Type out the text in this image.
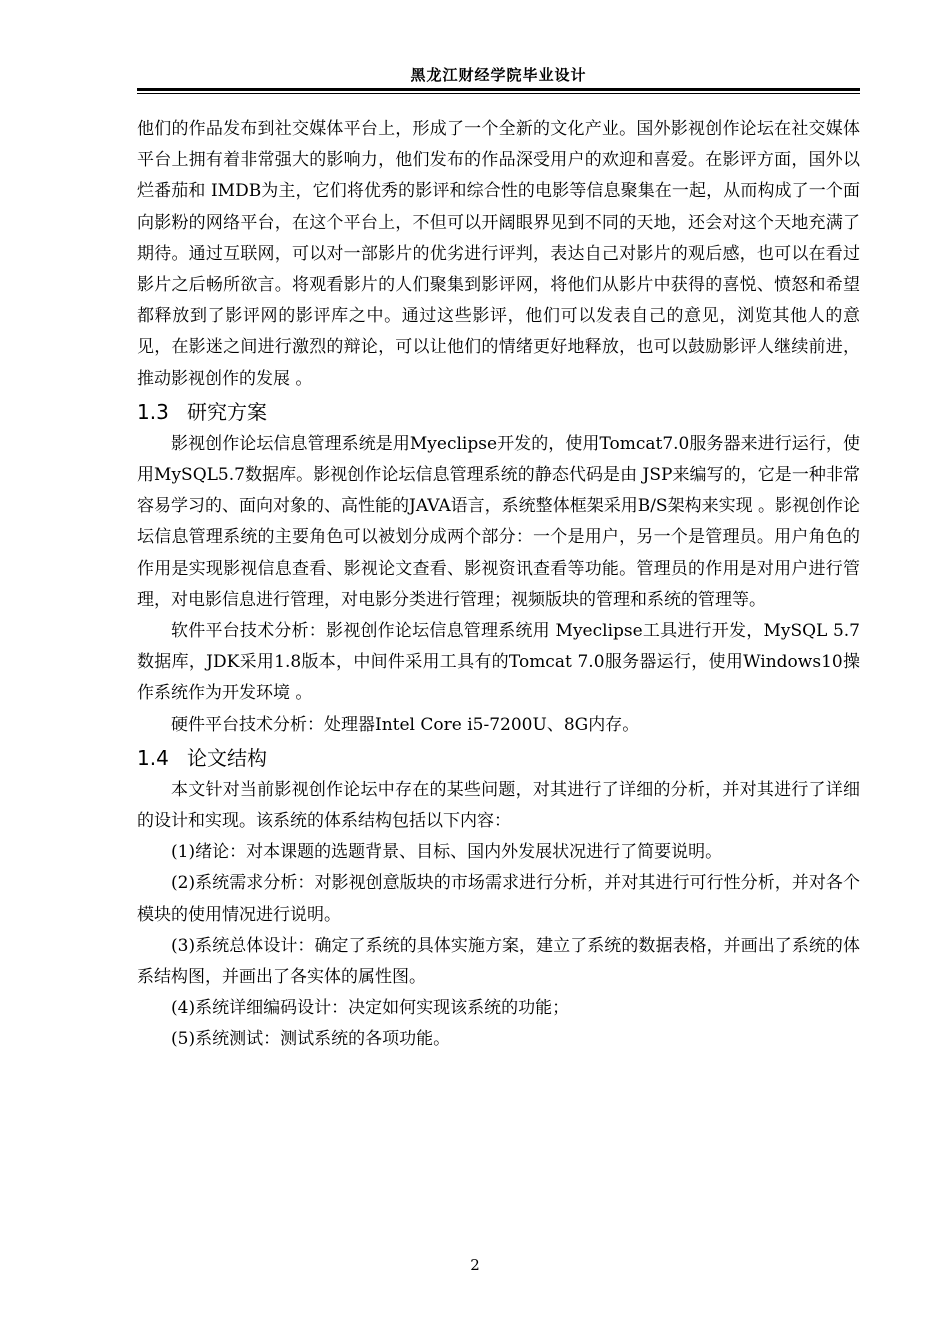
黑龙江财经学院毕业设计

他们的作品发布到社交媒体平台上，形成了一个全新的文化产业。国外影视创作论坛在社交媒体平台上拥有着非常强大的影响力，他们发布的作品深受用户的欢迎和喜爱。在影评方面，国外以烂番茄和 IMDB为主，它们将优秀的影评和综合性的电影等信息聚集在一起，从而构成了一个面向影粉的网络平台，在这个平台上，不但可以开阔眼界见到不同的天地，还会对这个天地充满了期待。通过互联网，可以对一部影片的优劣进行评判，表达自己对影片的观后感，也可以在看过影片之后畅所欲言。将观看影片的人们聚集到影评网，将他们从影片中获得的喜悦、愤怒和希望都释放到了影评网的影评库之中。通过这些影评，他们可以发表自己的意见，浏览其他人的意见，在影迷之间进行激烈的辩论，可以让他们的情绪更好地释放，也可以鼓励影评人继续前进，推动影视创作的发展 。

1.3 研究方案

影视创作论坛信息管理系统是用Myeclipse开发的，使用Tomcat7.0服务器来进行运行，使用MySQL5.7数据库。影视创作论坛信息管理系统的静态代码是由 JSP来编写的，它是一种非常容易学习的、面向对象的、高性能的JAVA语言，系统整体框架采用B/S架构来实现 。影视创作论坛信息管理系统的主要角色可以被划分成两个部分：一个是用户，另一个是管理员。用户角色的作用是实现影视信息查看、影视论文查看、影视资讯查看等功能。管理员的作用是对用户进行管理，对电影信息进行管理，对电影分类进行管理；视频版块的管理和系统的管理等。

软件平台技术分析：影视创作论坛信息管理系统用 Myeclipse工具进行开发，MySQL 5.7数据库，JDK采用1.8版本，中间件采用工具有的Tomcat 7.0服务器运行，使用Windows10操作系统作为开发环境 。

硬件平台技术分析：处理器Intel Core i5-7200U、8G内存。

1.4 论文结构

本文针对当前影视创作论坛中存在的某些问题，对其进行了详细的分析，并对其进行了详细的设计和实现。该系统的体系结构包括以下内容：

(1)绪论：对本课题的选题背景、目标、国内外发展状况进行了简要说明。

(2)系统需求分析：对影视创意版块的市场需求进行分析，并对其进行可行性分析，并对各个模块的使用情况进行说明。

(3)系统总体设计：确定了系统的具体实施方案，建立了系统的数据表格，并画出了系统的体系结构图，并画出了各实体的属性图。

(4)系统详细编码设计：决定如何实现该系统的功能；

(5)系统测试：测试系统的各项功能。

2
